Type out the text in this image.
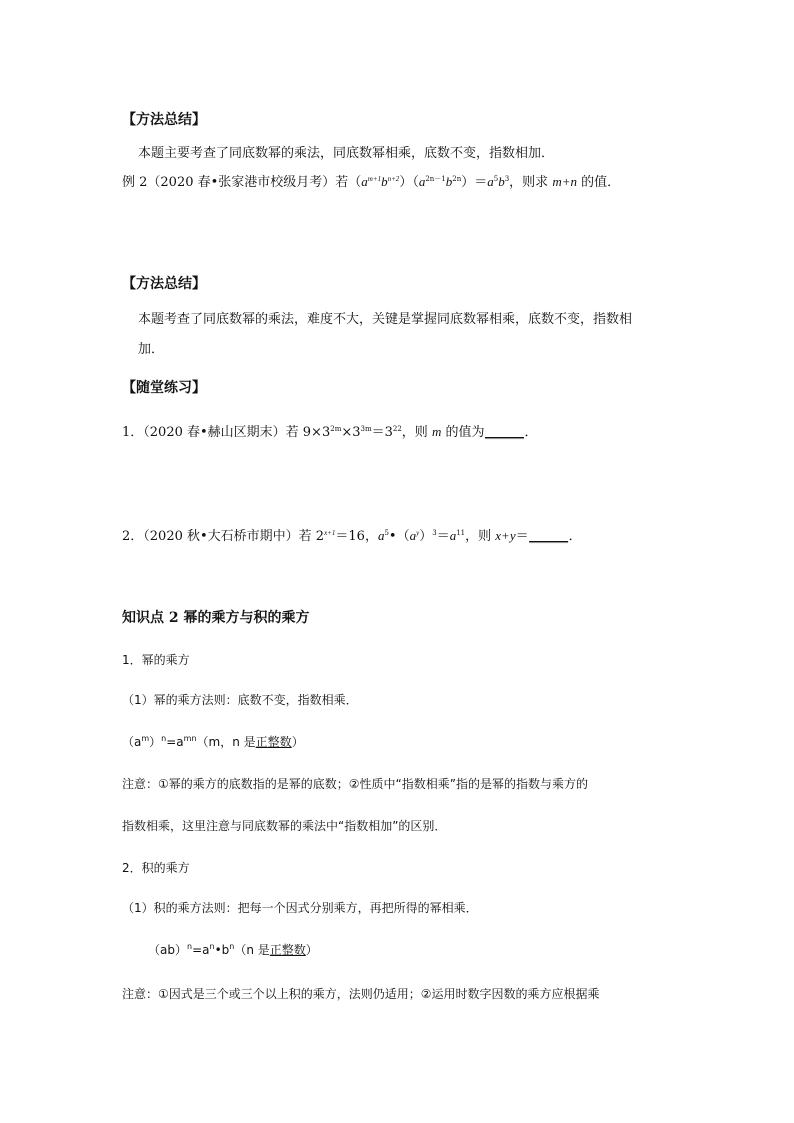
【方法总结】
本题主要考查了同底数幂的乘法，同底数幂相乘，底数不变，指数相加．
例 2（2020 春•张家港市校级月考）若$(a^{m+1}b^{n+2})(a^{2n-1}b^{2n})=a^5b^3$，则求 m+n 的值．
【方法总结】
本题考查了同底数幂的乘法，难度不大，关键是掌握同底数幂相乘，底数不变，指数相
加．
【随堂练习】
1．（2020 春•赫山区期末）若 $9\times 3^{2m}\times 3^{3m}=3^{22}$，则 m 的值为______．
2．（2020 秋•大石桥市期中）若 $2^{x+1}=16$，$a^5•(a^y)^3=a^{11}$，则 x+y＝______．
知识点 2 幂的乘方与积的乘方
1．幂的乘方
（1）幂的乘方法则：底数不变，指数相乘．
$(a^m)^n=a^{mn}(m$，n 是正整数）
注意：①幂的乘方的底数指的是幂的底数；②性质中“指数相乘”指的是幂的指数与乘方的
指数相乘，这里注意与同底数幂的乘法中“指数相加”的区别．
2．积的乘方
（1）积的乘方法则：把每一个因式分别乘方，再把所得的幂相乘．
$(ab)^n=a^n•b^n(n$ 是正整数）
注意：①因式是三个或三个以上积的乘方，法则仍适用；②运用时数字因数的乘方应根据乘
